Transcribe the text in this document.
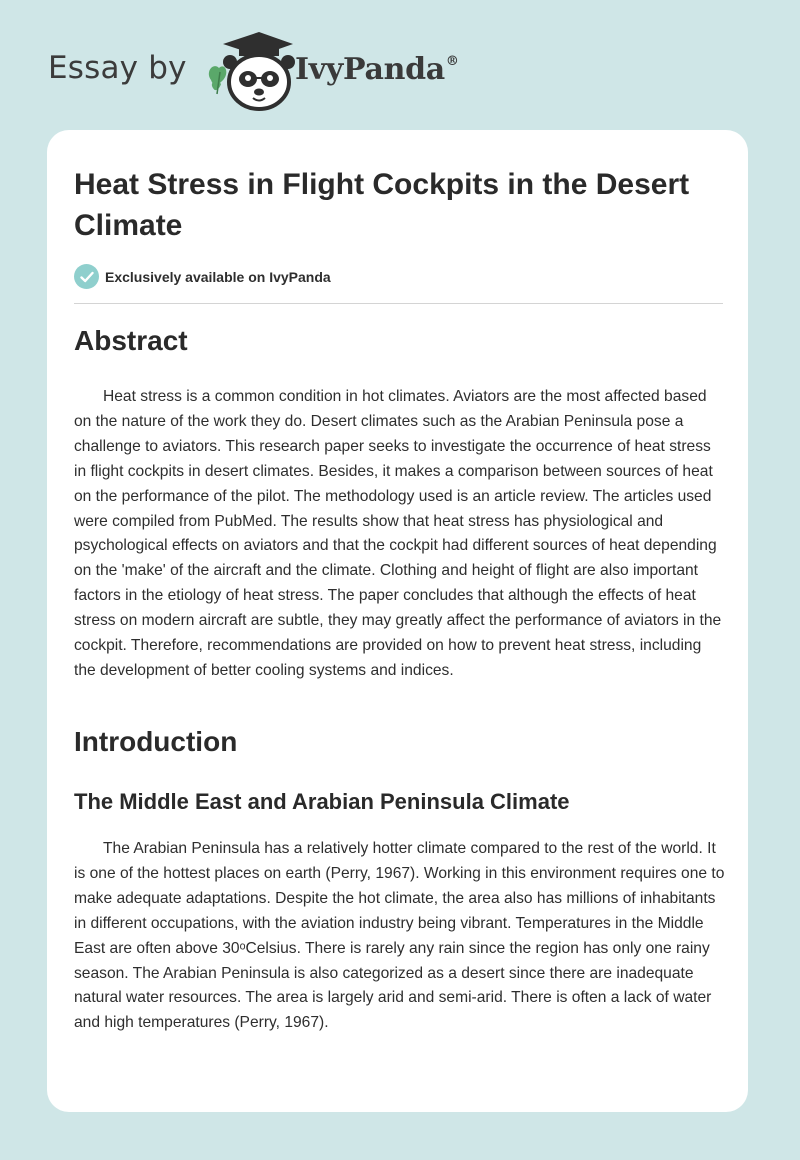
Essay by	IvyPanda®
Heat Stress in Flight Cockpits in the Desert Climate
Exclusively available on IvyPanda
Abstract

Heat stress is a common condition in hot climates. Aviators are the most affected based on the nature of the work they do. Desert climates such as the Arabian Peninsula pose a challenge to aviators. This research paper seeks to investigate the occurrence of heat stress in flight cockpits in desert climates. Besides, it makes a comparison between sources of heat on the performance of the pilot. The methodology used is an article review. The articles used were compiled from PubMed. The results show that heat stress has physiological and psychological effects on aviators and that the cockpit had different sources of heat depending on the 'make' of the aircraft and the climate. Clothing and height of flight are also important factors in the etiology of heat stress. The paper concludes that although the effects of heat stress on modern aircraft are subtle, they may greatly affect the performance of aviators in the cockpit. Therefore, recommendations are provided on how to prevent heat stress, including the development of better cooling systems and indices.

Introduction
The Middle East and Arabian Peninsula Climate

The Arabian Peninsula has a relatively hotter climate compared to the rest of the world. It is one of the hottest places on earth (Perry, 1967). Working in this environment requires one to make adequate adaptations. Despite the hot climate, the area also has millions of inhabitants in different occupations, with the aviation industry being vibrant. Temperatures in the Middle East are often above 30ᵒCelsius. There is rarely any rain since the region has only one rainy season. The Arabian Peninsula is also categorized as a desert since there are inadequate natural water resources. The area is largely arid and semi-arid. There is often a lack of water and high temperatures (Perry, 1967).
